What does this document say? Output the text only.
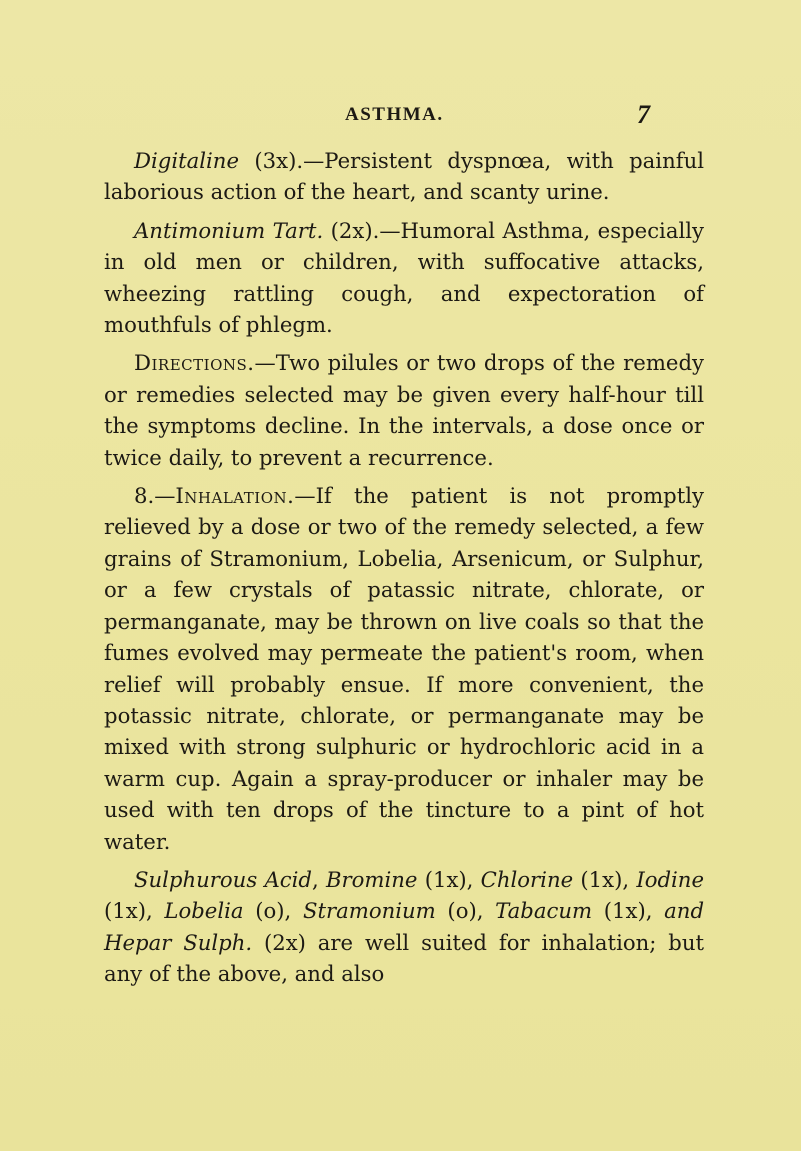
ASTHMA.	7

Digitaline (3x).—Persistent dyspnœa, with painful laborious action of the heart, and scanty urine.

Antimonium Tart. (2x).—Humoral Asthma, especially in old men or children, with suffocative attacks, wheezing rattling cough, and expectoration of mouthfuls of phlegm.

Directions.—Two pilules or two drops of the remedy or remedies selected may be given every half-hour till the symptoms decline. In the intervals, a dose once or twice daily, to prevent a recurrence.

8.—Inhalation.—If the patient is not promptly relieved by a dose or two of the remedy selected, a few grains of Stramonium, Lobelia, Arsenicum, or Sulphur, or a few crystals of patassic nitrate, chlorate, or permanganate, may be thrown on live coals so that the fumes evolved may permeate the patient's room, when relief will probably ensue. If more convenient, the potassic nitrate, chlorate, or permanganate may be mixed with strong sulphuric or hydrochloric acid in a warm cup. Again a spray-producer or inhaler may be used with ten drops of the tincture to a pint of hot water.

Sulphurous Acid, Bromine (1x), Chlorine (1x), Iodine (1x), Lobelia (o), Stramonium (o), Tabacum (1x), and Hepar Sulph. (2x) are well suited for inhalation; but any of the above, and also
